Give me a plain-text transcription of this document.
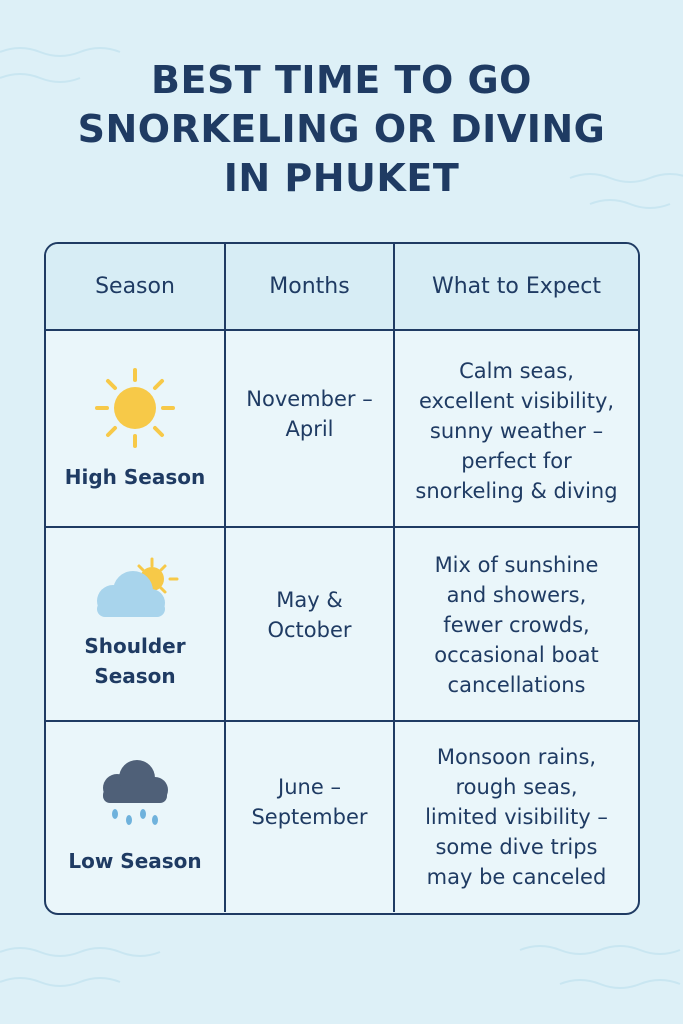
BEST TIME TO GO
SNORKELING OR DIVING
IN PHUKET
Season	Months	What to Expect
High Season
November –
April
Calm seas,
excellent visibility,
sunny weather –
perfect for
snorkeling & diving
Shoulder
Season
May &
October
Mix of sunshine
and showers,
fewer crowds,
occasional boat
cancellations
Low Season
June –
September
Monsoon rains,
rough seas,
limited visibility –
some dive trips
may be canceled
